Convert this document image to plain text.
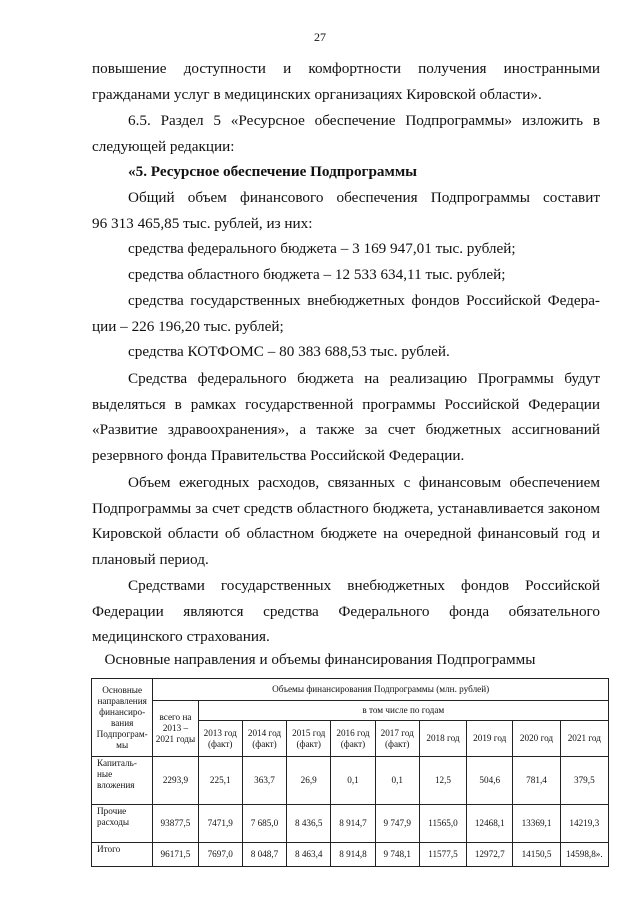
27
повышение доступности и комфортности получения иностранными
гражданами услуг в медицинских организациях Кировской области».
6.5. Раздел 5 «Ресурсное обеспечение Подпрограммы» изложить в
следующей редакции:
«5. Ресурсное обеспечение Подпрограммы
Общий объем финансового обеспечения Подпрограммы составит
96 313 465,85 тыс. рублей, из них:
средства федерального бюджета – 3 169 947,01 тыс. рублей;
средства областного бюджета – 12 533 634,11 тыс. рублей;
средства государственных внебюджетных фондов Российской Федера-
ции – 226 196,20 тыс. рублей;
средства КОТФОМС – 80 383 688,53 тыс. рублей.
Средства федерального бюджета на реализацию Программы будут
выделяться в рамках государственной программы Российской Федерации
«Развитие здравоохранения», а также за счет бюджетных ассигнований
резервного фонда Правительства Российской Федерации.
Объем ежегодных расходов, связанных с финансовым обеспечением
Подпрограммы за счет средств областного бюджета, устанавливается законом
Кировской области об областном бюджете на очередной финансовый год и
плановый период.
Средствами государственных внебюджетных фондов Российской
Федерации являются средства Федерального фонда обязательного
медицинского страхования.
Основные направления и объемы финансирования Подпрограммы
Основные направления финансиро-вания Подпрограм-мы	Объемы финансирования Подпрограммы (млн. рублей)									
	всего на 2013 – 2021 годы	в том числе по годам								
		2013 год (факт)	2014 год (факт)	2015 год (факт)	2016 год (факт)	2017 год (факт)	2018 год	2019 год	2020 год	2021 год
Капиталь-ные вложения	2293,9	225,1	363,7	26,9	0,1	0,1	12,5	504,6	781,4	379,5
Прочие расходы	93877,5	7471,9	7 685,0	8 436,5	8 914,7	9 747,9	11565,0	12468,1	13369,1	14219,3
Итого	96171,5	7697,0	8 048,7	8 463,4	8 914,8	9 748,1	11577,5	12972,7	14150,5	14598,8».
